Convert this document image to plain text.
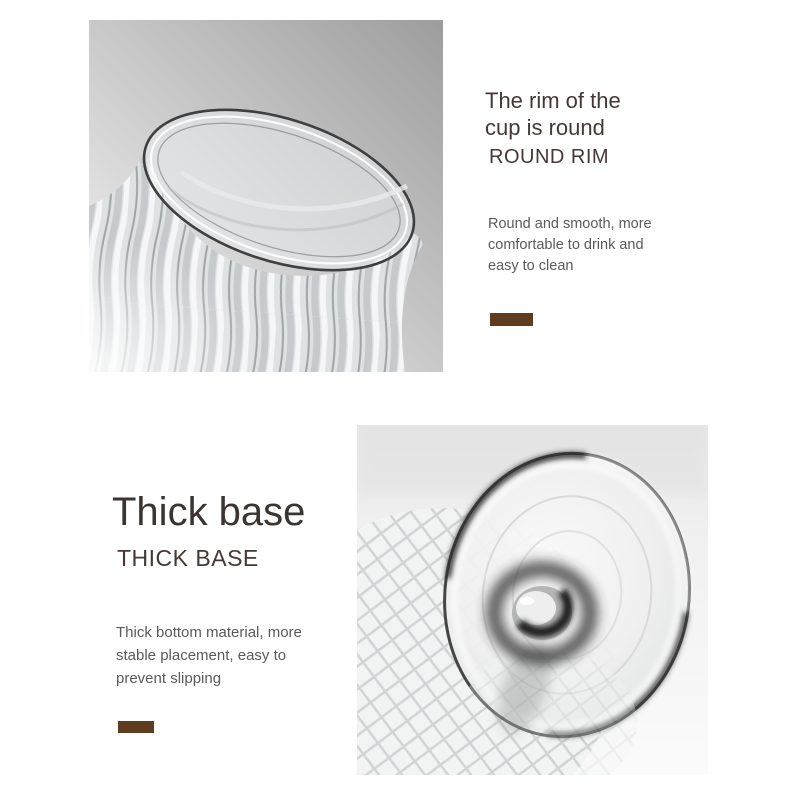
The rim of the
cup is round
ROUND RIM

Round and smooth, more
comfortable to drink and
easy to clean

Thick base
THICK BASE

Thick bottom material, more
stable placement, easy to
prevent slipping
